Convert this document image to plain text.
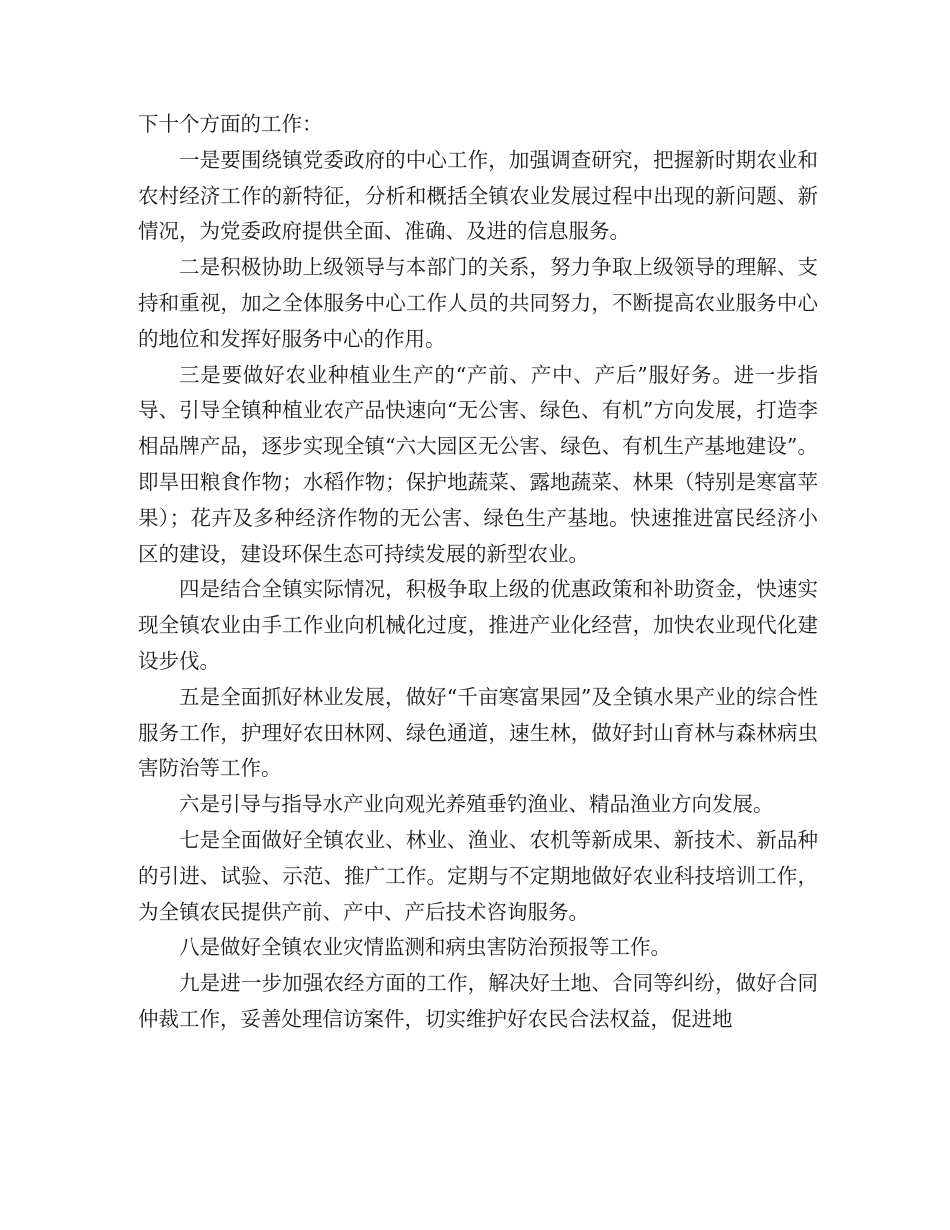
下十个方面的工作：

一是要围绕镇党委政府的中心工作，加强调查研究，把握新时期农业和农村经济工作的新特征，分析和概括全镇农业发展过程中出现的新问题、新情况，为党委政府提供全面、准确、及进的信息服务。

二是积极协助上级领导与本部门的关系，努力争取上级领导的理解、支持和重视，加之全体服务中心工作人员的共同努力，不断提高农业服务中心的地位和发挥好服务中心的作用。

三是要做好农业种植业生产的“产前、产中、产后”服好务。进一步指导、引导全镇种植业农产品快速向“无公害、绿色、有机”方向发展，打造李相品牌产品，逐步实现全镇“六大园区无公害、绿色、有机生产基地建设”。即旱田粮食作物；水稻作物；保护地蔬菜、露地蔬菜、林果（特别是寒富苹果）；花卉及多种经济作物的无公害、绿色生产基地。快速推进富民经济小区的建设，建设环保生态可持续发展的新型农业。

四是结合全镇实际情况，积极争取上级的优惠政策和补助资金，快速实现全镇农业由手工作业向机械化过度，推进产业化经营，加快农业现代化建设步伐。

五是全面抓好林业发展，做好“千亩寒富果园”及全镇水果产业的综合性服务工作，护理好农田林网、绿色通道，速生林，做好封山育林与森林病虫害防治等工作。

六是引导与指导水产业向观光养殖垂钓渔业、精品渔业方向发展。

七是全面做好全镇农业、林业、渔业、农机等新成果、新技术、新品种的引进、试验、示范、推广工作。定期与不定期地做好农业科技培训工作，为全镇农民提供产前、产中、产后技术咨询服务。

八是做好全镇农业灾情监测和病虫害防治预报等工作。

九是进一步加强农经方面的工作，解决好土地、合同等纠纷，做好合同仲裁工作，妥善处理信访案件，切实维护好农民合法权益，促进地
